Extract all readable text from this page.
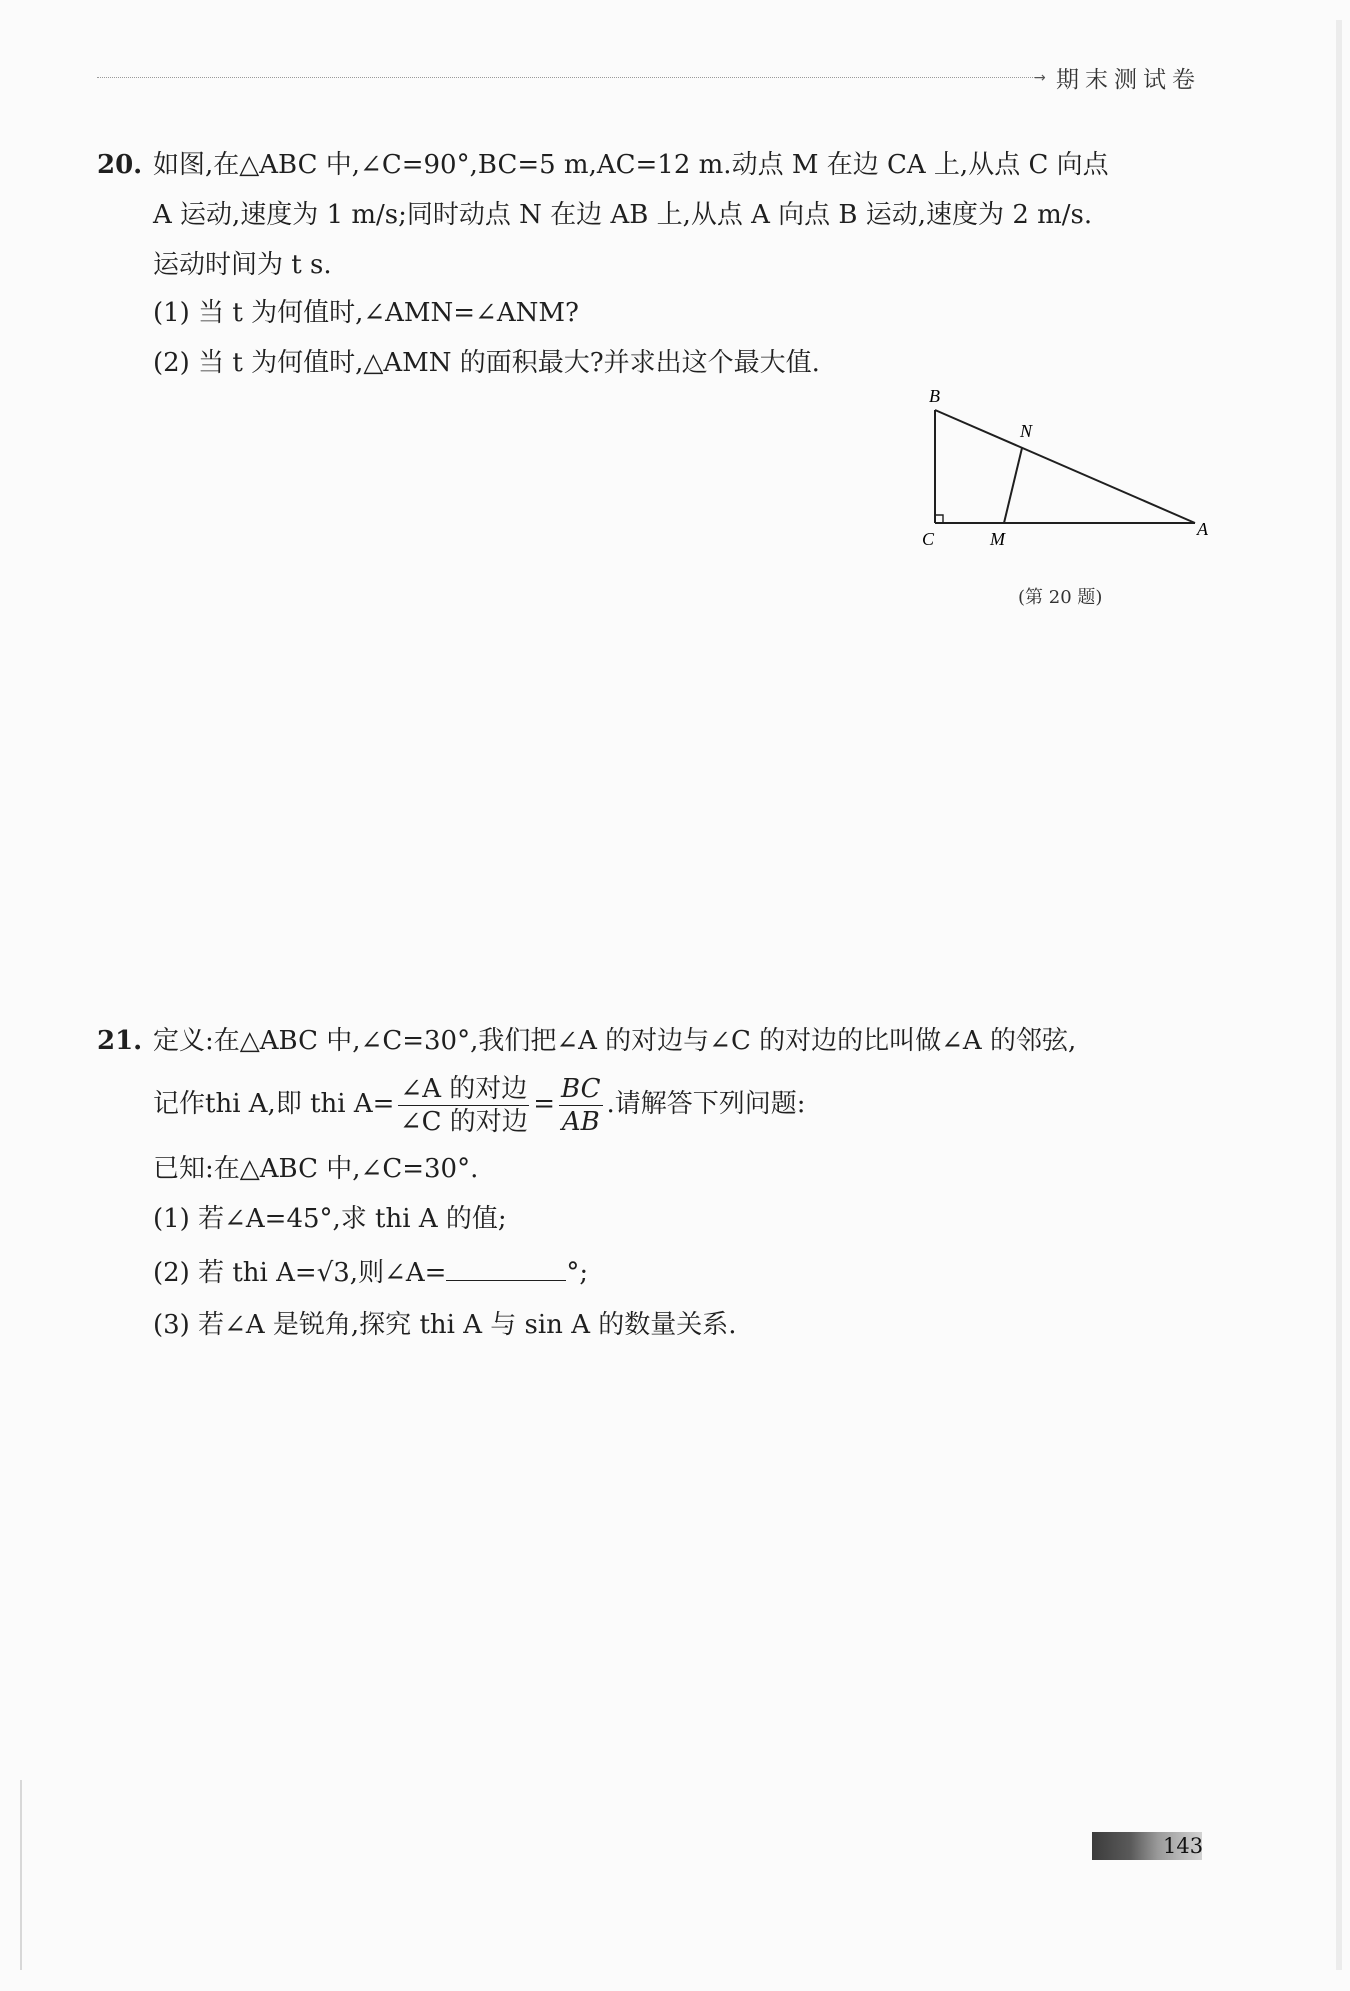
→ 期末测试卷
20. 如图,在△ABC 中,∠C=90°,BC=5 m,AC=12 m.动点 M 在边 CA 上,从点 C 向点
A 运动,速度为 1 m/s;同时动点 N 在边 AB 上,从点 A 向点 B 运动,速度为 2 m/s.
运动时间为 t s.
(1) 当 t 为何值时,∠AMN=∠ANM?
(2) 当 t 为何值时,△AMN 的面积最大?并求出这个最大值.
B
N
C	M	A
(第 20 题)
21. 定义:在△ABC 中,∠C=30°,我们把∠A 的对边与∠C 的对边的比叫做∠A 的邻弦,
记作thi A,即 thi $A= \frac{\text{∠A 的对边}}{\text{∠C 的对边}} = \frac{BC}{AB}$ .请解答下列问题:
已知:在△ABC 中,∠C=30°.
(1) 若∠A=45°,求 thi A 的值;
(2) 若 thi A=√3,则∠A=	°;
(3) 若∠A 是锐角,探究 thi A 与 sin A 的数量关系.
143
